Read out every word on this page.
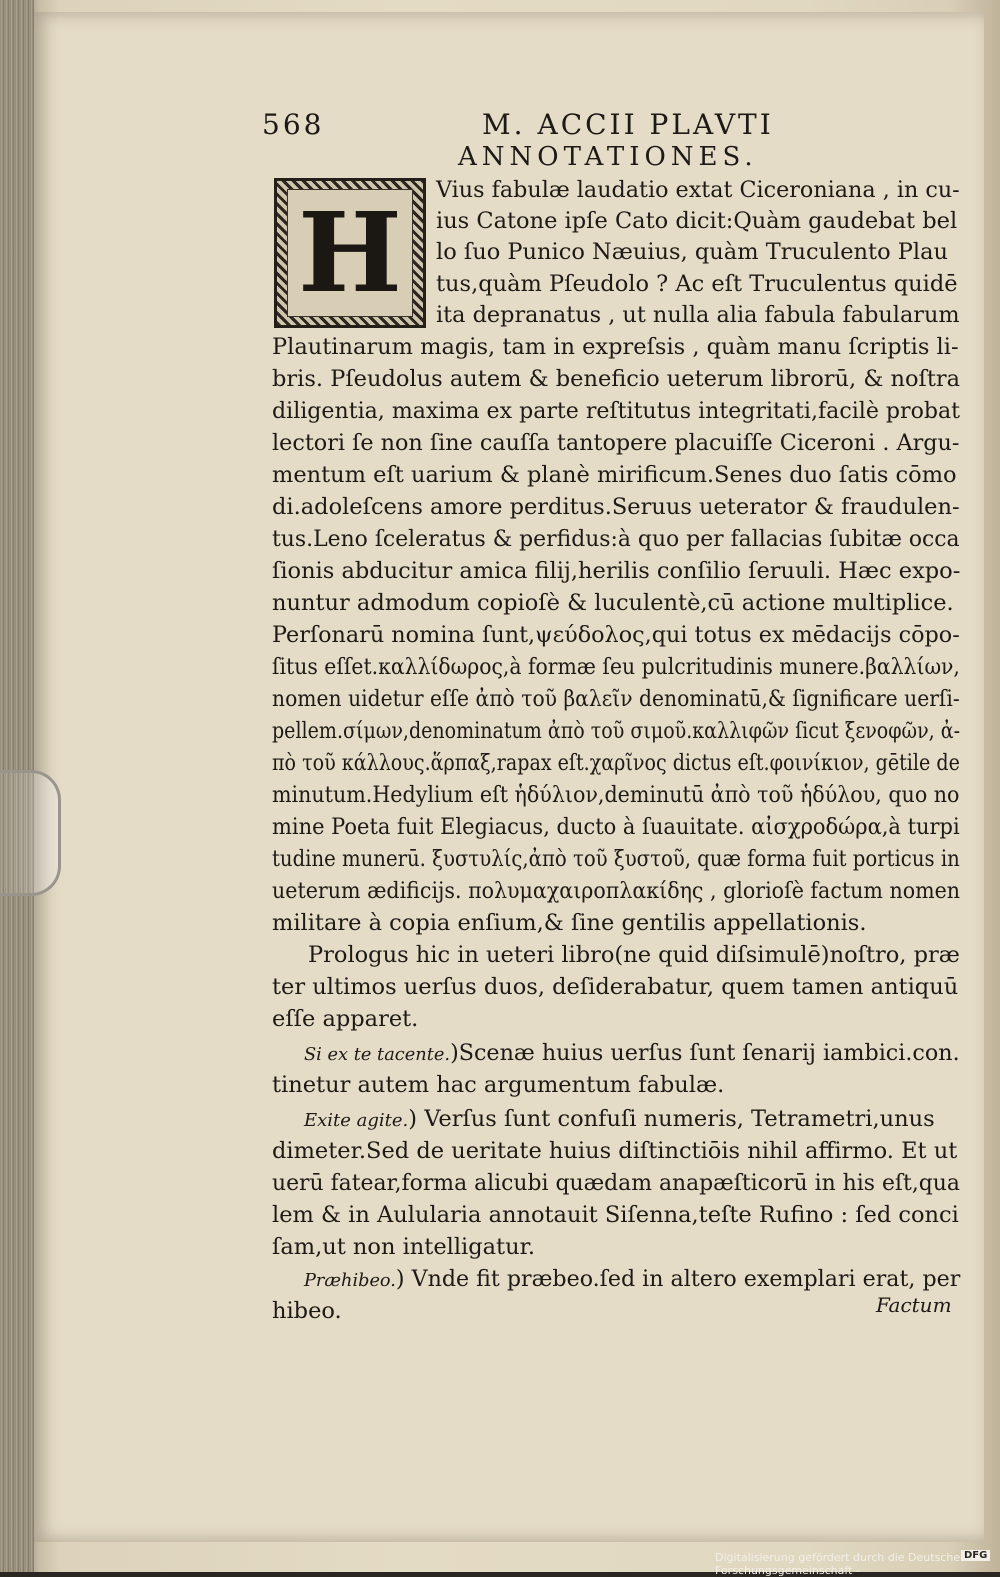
568	M. ACCII PLAVTI
ANNOTATIONES.
H Vius fabulæ laudatio extat Ciceroniana , in cu-
ius Catone ipſe Cato dicit:Quàm gaudebat bel
lo ſuo Punico Næuius, quàm Truculento Plau
tus,quàm Pſeudolo ? Ac eſt Truculentus quidē
ita depranatus , ut nulla alia fabula fabularum
Plautinarum magis, tam in expreſsis , quàm manu ſcriptis li-
bris. Pſeudolus autem & beneficio ueterum librorū, & noſtra
diligentia, maxima ex parte reſtitutus integritati,facilè probat
lectori ſe non ſine cauſſa tantopere placuiſſe Ciceroni . Argu-
mentum eſt uarium & planè mirificum.Senes duo ſatis cōmo
di.adoleſcens amore perditus.Seruus ueterator & fraudulen-
tus.Leno ſceleratus & perfidus:à quo per fallacias ſubitæ occa
ſionis abducitur amica filij,herilis conſilio ſeruuli. Hæc expo-
nuntur admodum copioſè & luculentè,cū actione multiplice.
Perſonarū nomina ſunt,ψεύδολος,qui totus ex mēdacijs cōpo-
ſitus eſſet.καλλίδωρος,à formæ ſeu pulcritudinis munere.βαλλίων,
nomen uidetur eſſe ἀπὸ τοῦ βαλεῖν denominatū,& ſignificare uerſi-
pellem.σίμων,denominatum ἀπὸ τοῦ σιμοῦ.καλλιφῶν ſicut ξενοφῶν, ἀ-
πὸ τοῦ κάλλους.ἅρπαξ,rapax eſt.χαρῖνος dictus eſt.φοινίκιον, gētile de
minutum.Hedylium eſt ἡδύλιον,deminutū ἀπὸ τοῦ ἡδύλου, quo no
mine Poeta fuit Elegiacus, ducto à ſuauitate. αἰσχροδώρα,à turpi
tudine munerū. ξυστυλίς,ἀπὸ τοῦ ξυστοῦ, quæ forma fuit porticus in
ueterum ædificijs. πολυμαχαιροπλακίδης , glorioſè factum nomen
militare à copia enſium,& ſine gentilis appellationis.
Prologus hic in ueteri libro(ne quid diſsimulē)noſtro, præ
ter ultimos uerſus duos, deſiderabatur, quem tamen antiquū
eſſe apparet.
Si ex te tacente.)Scenæ huius uerſus ſunt ſenarij iambici.con.
tinetur autem hac argumentum fabulæ.
Exite agite.) Verſus ſunt confuſi numeris, Tetrametri,unus
dimeter.Sed de ueritate huius diſtinctiōis nihil affirmo. Et ut
uerū fatear,forma alicubi quædam anapæſticorū in his eſt,qua
lem & in Aulularia annotauit Siſenna,teſte Rufino : ſed conci
ſam,ut non intelligatur.
Præhibeo.) Vnde fit præbeo.ſed in altero exemplari erat, per
hibeo.	Factum
Digitalisierung gefördert durch die Deutsche Forschungsgemeinschaft -
DFG
